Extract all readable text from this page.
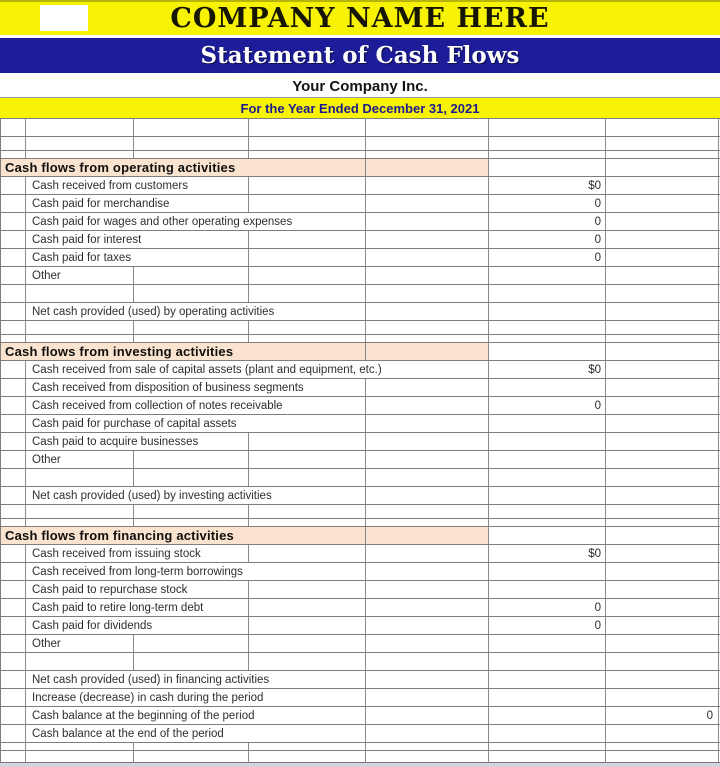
COMPANY NAME HERE
Statement of Cash Flows
Your Company Inc.
For the Year Ended December 31, 2021
Cash flows from operating activities
Cash received from customers	$0
Cash paid for merchandise	0
Cash paid for wages and other operating expenses	0
Cash paid for interest	0
Cash paid for taxes	0
Other
Net cash provided (used) by operating activities
Cash flows from investing activities
Cash received from sale of capital assets (plant and equipment, etc.)	$0
Cash received from disposition of business segments
Cash received from collection of notes receivable	0
Cash paid for purchase of capital assets
Cash paid to acquire businesses
Other
Net cash provided (used) by investing activities
Cash flows from financing activities
Cash received from issuing stock	$0
Cash received from long-term borrowings
Cash paid to repurchase stock
Cash paid to retire long-term debt	0
Cash paid for dividends	0
Other
Net cash provided (used) in financing activities
Increase (decrease) in cash during the period
Cash balance at the beginning of the period	0
Cash balance at the end of the period
